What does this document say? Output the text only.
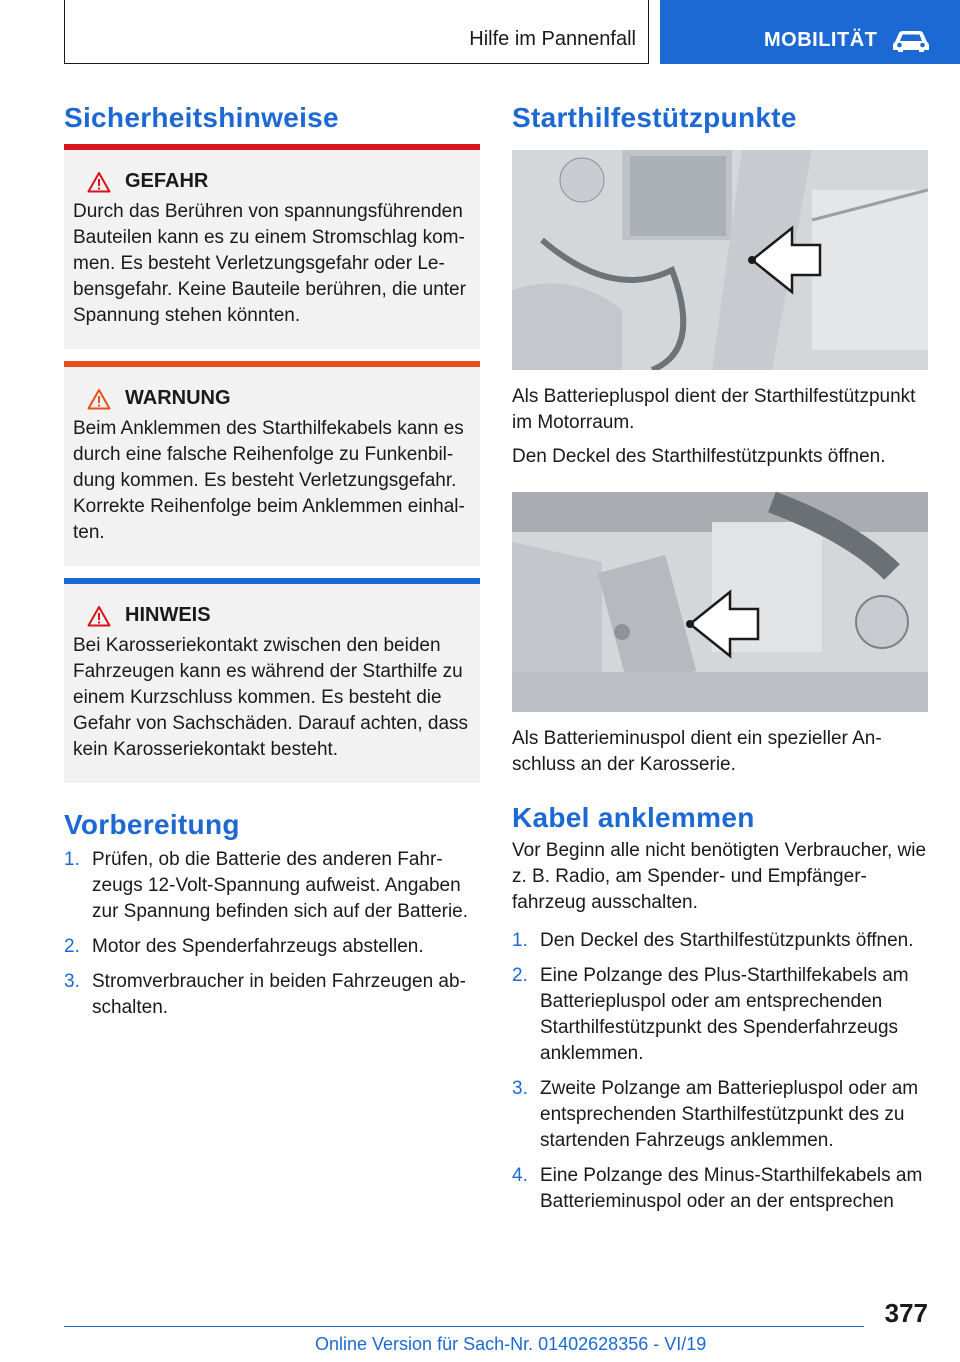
Hilfe im Pannenfall	MOBILITÄT
Sicherheitshinweise
GEFAHR

Durch das Berühren von spannungsführenden Bauteilen kann es zu einem Stromschlag kommen. Es besteht Verletzungsgefahr oder Lebensgefahr. Keine Bauteile berühren, die unter Spannung stehen könnten.

WARNUNG

Beim Anklemmen des Starthilfekabels kann es durch eine falsche Reihenfolge zu Funkenbildung kommen. Es besteht Verletzungsgefahr. Korrekte Reihenfolge beim Anklemmen einhalten.

HINWEIS

Bei Karosseriekontakt zwischen den beiden Fahrzeugen kann es während der Starthilfe zu einem Kurzschluss kommen. Es besteht die Gefahr von Sachschäden. Darauf achten, dass kein Karosseriekontakt besteht.

Vorbereitung
1. Prüfen, ob die Batterie des anderen Fahrzeugs 12-Volt-Spannung aufweist. Angaben zur Spannung befinden sich auf der Batterie.
2. Motor des Spenderfahrzeugs abstellen.
3. Stromverbraucher in beiden Fahrzeugen abschalten.
Starthilfestützpunkte

Als Batteriepluspol dient der Starthilfestützpunkt im Motorraum.

Den Deckel des Starthilfestützpunkts öffnen.

Als Batterieminuspol dient ein spezieller Anschluss an der Karosserie.

Kabel anklemmen

Vor Beginn alle nicht benötigten Verbraucher, wie z. B. Radio, am Spender- und Empfängerfahrzeug ausschalten.

1. Den Deckel des Starthilfestützpunkts öffnen.
2. Eine Polzange des Plus-Starthilfekabels am Batteriepluspol oder am entsprechenden Starthilfestützpunkt des Spenderfahrzeugs anklemmen.
3. Zweite Polzange am Batteriepluspol oder am entsprechenden Starthilfestützpunkt des zu startenden Fahrzeugs anklemmen.
4. Eine Polzange des Minus-Starthilfekabels am Batterieminuspol oder an der entsprechen
377
Online Version für Sach-Nr. 01402628356 - VI/19
